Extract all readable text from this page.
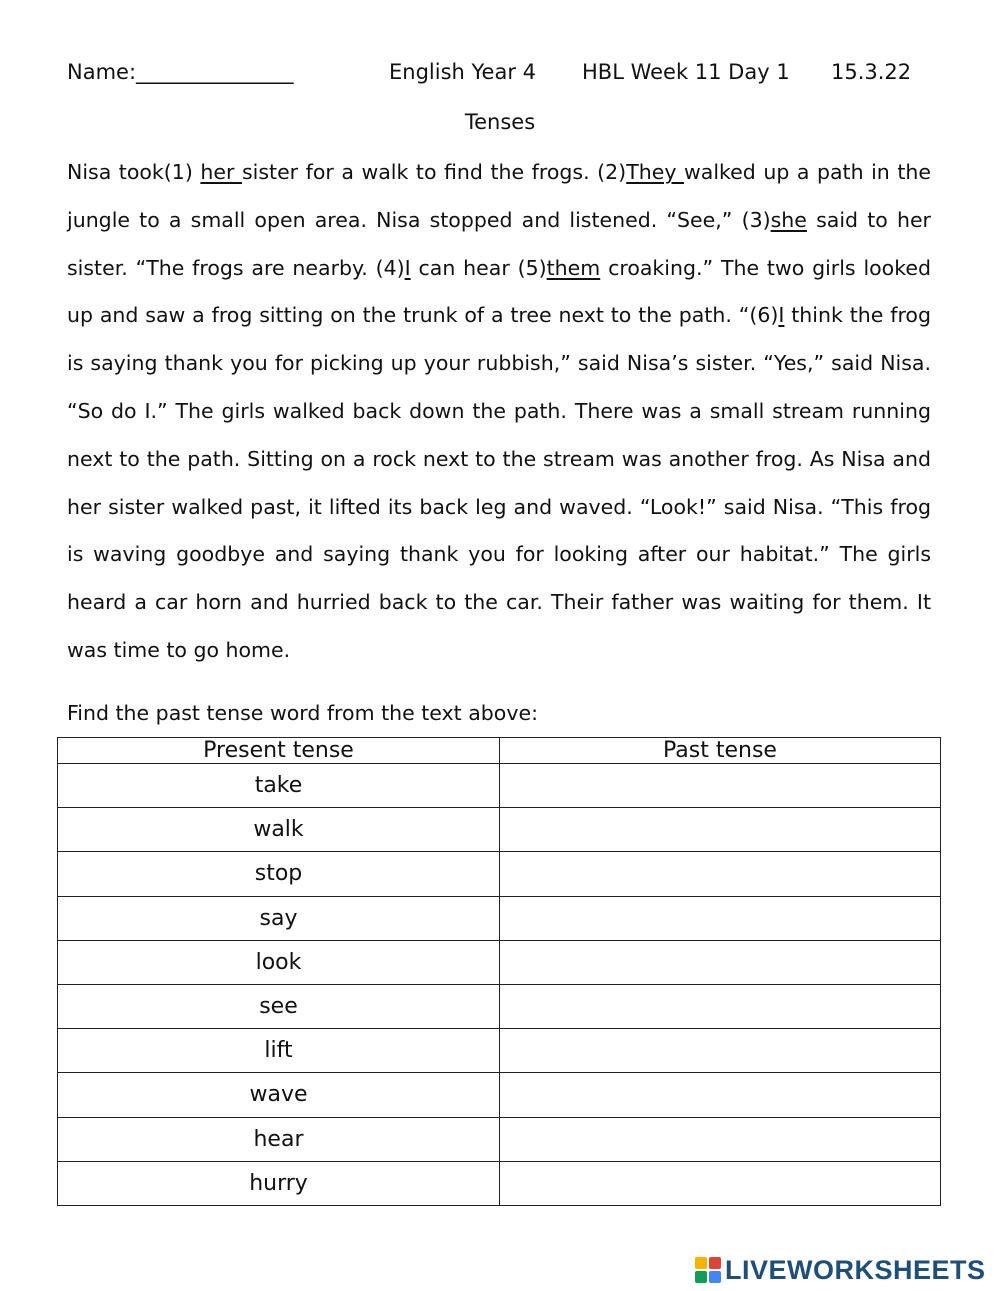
Name:_______________	English Year 4 HBL Week 11 Day 1 15.3.22
Tenses
Nisa took(1) her sister for a walk to find the frogs. (2)They walked up a path in the jungle to a small open area. Nisa stopped and listened. “See,” (3)she said to her sister. “The frogs are nearby. (4)I can hear (5)them croaking.” The two girls looked up and saw a frog sitting on the trunk of a tree next to the path. “(6)I think the frog is saying thank you for picking up your rubbish,” said Nisa’s sister. “Yes,” said Nisa. “So do I.” The girls walked back down the path. There was a small stream running next to the path. Sitting on a rock next to the stream was another frog. As Nisa and her sister walked past, it lifted its back leg and waved. “Look!” said Nisa. “This frog is waving goodbye and saying thank you for looking after our habitat.” The girls heard a car horn and hurried back to the car. Their father was waiting for them. It was time to go home.
Find the past tense word from the text above:
Present tense	Past tense
take	
walk	
stop	
say	
look	
see	
lift	
wave	
hear	
hurry	
LIVEWORKSHEETS
